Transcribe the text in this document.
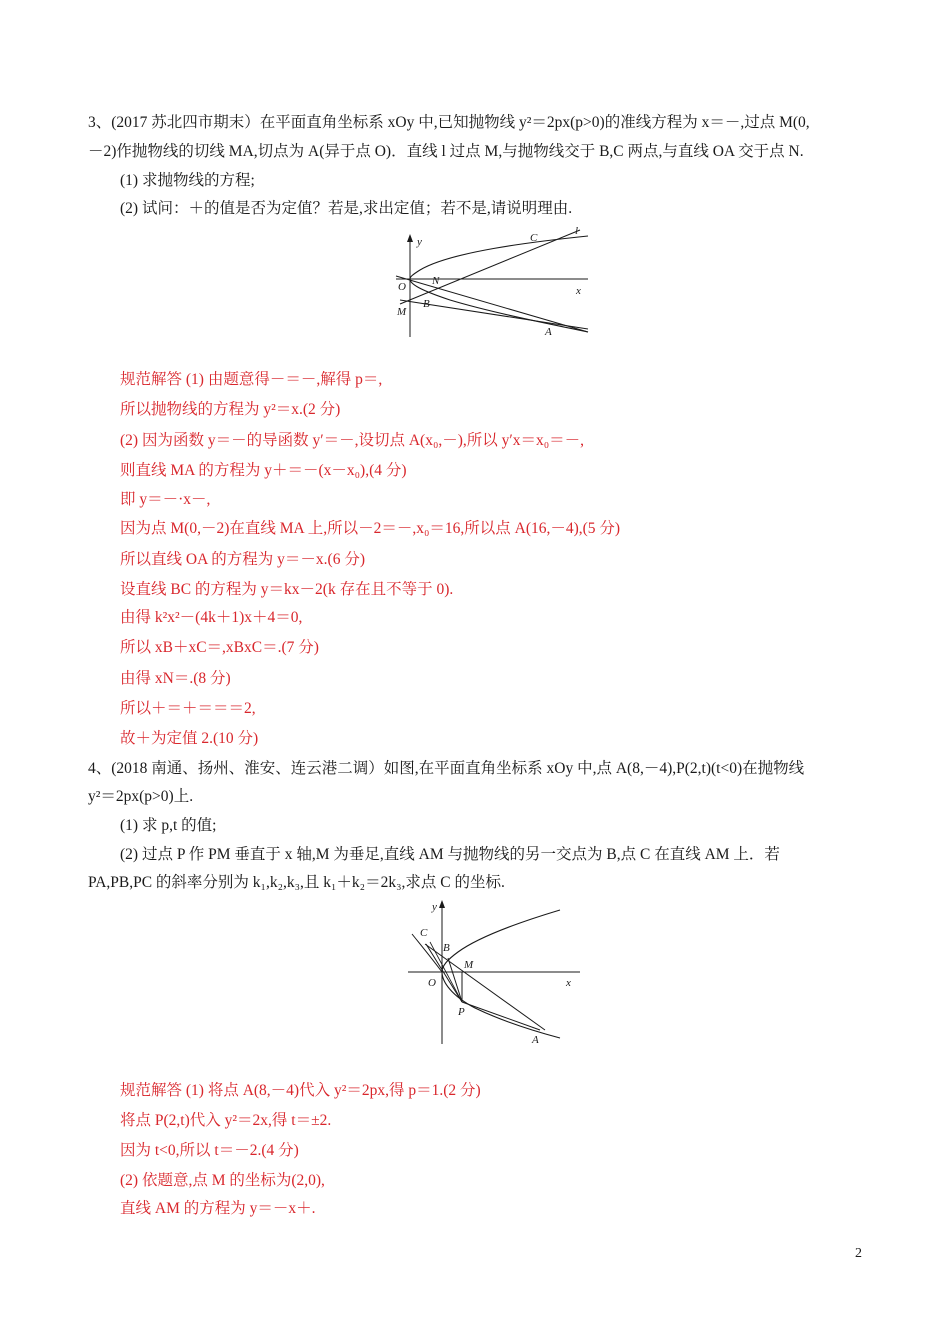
3、(2017 苏北四市期末）在平面直角坐标系 xOy 中,已知抛物线 y²＝2px(p>0)的准线方程为 x＝－,过点 M(0,
－2)作抛物线的切线 MA,切点为 A(异于点 O)．直线 l 过点 M,与抛物线交于 B,C 两点,与直线 OA 交于点 N.
(1) 求抛物线的方程;
(2) 试问：＋的值是否为定值？若是,求出定值；若不是,请说明理由.
y
x
O N
B
M
C
l
A
规范解答 (1) 由题意得－＝－,解得 p＝,
所以抛物线的方程为 y²＝x.(2 分)
(2) 因为函数 y＝－的导函数 y′＝－,设切点 A(x₀,－),所以 y′x＝x₀＝－,
则直线 MA 的方程为 y＋＝－(x－x₀),(4 分)
即 y＝－·x－,
因为点 M(0,－2)在直线 MA 上,所以－2＝－,x₀＝16,所以点 A(16,－4),(5 分)
所以直线 OA 的方程为 y＝－x.(6 分)
设直线 BC 的方程为 y＝kx－2(k 存在且不等于 0).
由得 k²x²－(4k＋1)x＋4＝0,
所以 xB＋xC＝,xBxC＝.(7 分)
由得 xN＝.(8 分)
所以＋＝＋＝＝＝2,
故＋为定值 2.(10 分)
4、(2018 南通、扬州、淮安、连云港二调）如图,在平面直角坐标系 xOy 中,点 A(8,－4),P(2,t)(t<0)在抛物线
y²＝2px(p>0)上.
(1) 求 p,t 的值;
(2) 过点 P 作 PM 垂直于 x 轴,M 为垂足,直线 AM 与抛物线的另一交点为 B,点 C 在直线 AM 上．若
PA,PB,PC 的斜率分别为 k₁,k₂,k₃,且 k₁＋k₂＝2k₃,求点 C 的坐标.
y
x
O
C
B
M
P
A
规范解答 (1) 将点 A(8,－4)代入 y²＝2px,得 p＝1.(2 分)
将点 P(2,t)代入 y²＝2x,得 t＝±2.
因为 t<0,所以 t＝－2.(4 分)
(2) 依题意,点 M 的坐标为(2,0),
直线 AM 的方程为 y＝－x＋.
2
